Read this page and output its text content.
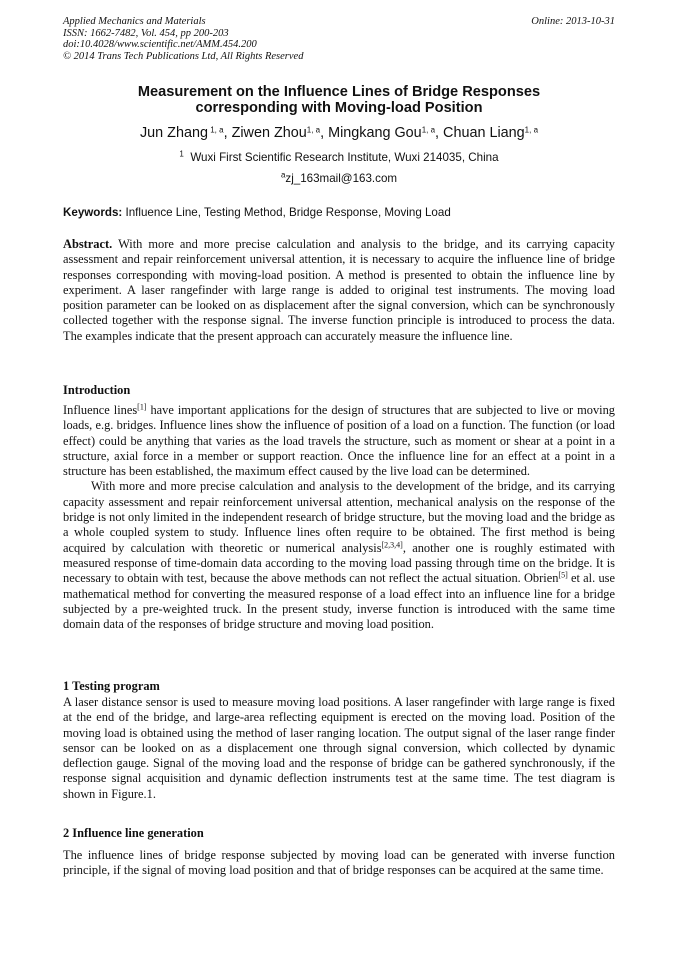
Applied Mechanics and Materials
ISSN: 1662-7482, Vol. 454, pp 200-203
doi:10.4028/www.scientific.net/AMM.454.200
© 2014 Trans Tech Publications Ltd, All Rights Reserved
Online: 2013-10-31
Measurement on the Influence Lines of Bridge Responses
corresponding with Moving-load Position
Jun Zhang $^{1, a}$, Ziwen Zhou$^{1, a}$, Mingkang Gou$^{1, a}$, Chuan Liang$^{1, a}$
$^1$ Wuxi First Scientific Research Institute, Wuxi 214035, China
$^a$zj_163mail@163.com
Keywords: Influence Line, Testing Method, Bridge Response, Moving Load

Abstract. With more and more precise calculation and analysis to the bridge, and its carrying capacity assessment and repair reinforcement universal attention, it is necessary to acquire the influence line of bridge responses corresponding with moving-load position. A method is presented to obtain the influence line by experiment. A laser rangefinder with large range is added to original test instruments. The moving load position parameter can be looked on as displacement after the signal conversion, which can be synchronously collected together with the response signal. The inverse function principle is introduced to process the data. The examples indicate that the present approach can accurately measure the influence line.

Introduction

Influence lines[1] have important applications for the design of structures that are subjected to live or moving loads, e.g. bridges. Influence lines show the influence of position of a load on a function. The function (or load effect) could be anything that varies as the load travels the structure, such as moment or shear at a point in a structure, axial force in a member or support reaction. Once the influence line for an effect at a point in a structure has been established, the maximum effect caused by the live load can be determined.

With more and more precise calculation and analysis to the development of the bridge, and its carrying capacity assessment and repair reinforcement universal attention, mechanical analysis on the response of the bridge is not only limited in the independent research of bridge structure, but the moving load and the bridge as a whole coupled system to study. Influence lines often require to be obtained. The first method is being acquired by calculation with theoretic or numerical analysis[2,3,4], another one is roughly estimated with measured response of time-domain data according to the moving load passing through time on the bridge. It is necessary to obtain with test, because the above methods can not reflect the actual situation. Obrien[5] et al. use mathematical method for converting the measured response of a load effect into an influence line for a bridge subjected by a pre-weighted truck. In the present study, inverse function is introduced with the same time domain data of the responses of bridge structure and moving load position.

1 Testing program

A laser distance sensor is used to measure moving load positions. A laser rangefinder with large range is fixed at the end of the bridge, and large-area reflecting equipment is erected on the moving load. Position of the moving load is obtained using the method of laser ranging location. The output signal of the laser range finder sensor can be looked on as a displacement one through signal conversion, which collected by dynamic deflection gauge. Signal of the moving load and the response of bridge can be gathered synchronously, if the response signal acquisition and dynamic deflection instruments test at the same time. The test diagram is shown in Figure.1.

2 Influence line generation

The influence lines of bridge response subjected by moving load can be generated with inverse function principle, if the signal of moving load position and that of bridge responses can be acquired at the same time.
